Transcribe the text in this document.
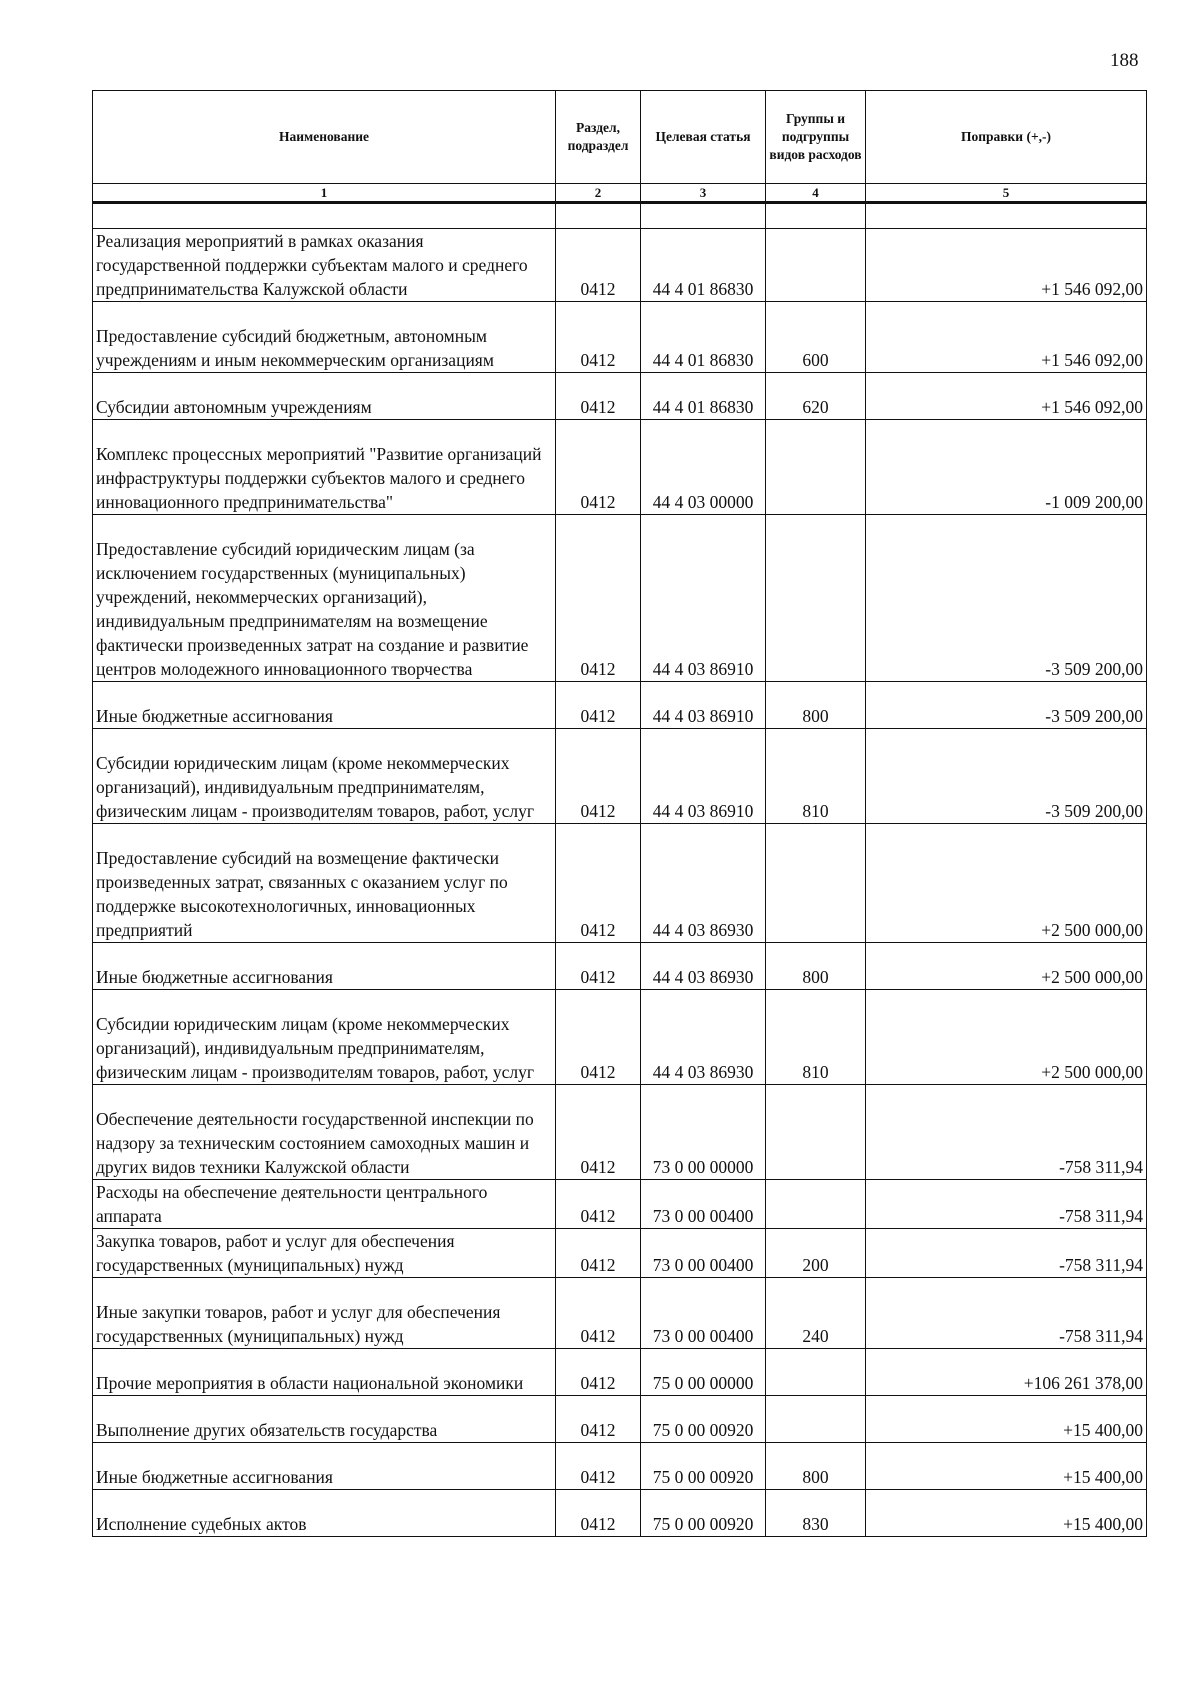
188
Наименование	Раздел, подраздел	Целевая статья	Группы и подгруппы видов расходов	Поправки (+,-)
1	2	3	4	5

Реализация мероприятий в рамках оказания государственной поддержки субъектам малого и среднего предпринимательства Калужской области	0412	44 4 01 86830		+1 546 092,00
Предоставление субсидий бюджетным, автономным учреждениям и иным некоммерческим организациям	0412	44 4 01 86830	600	+1 546 092,00
Субсидии автономным учреждениям	0412	44 4 01 86830	620	+1 546 092,00
Комплекс процессных мероприятий "Развитие организаций инфраструктуры поддержки субъектов малого и среднего инновационного предпринимательства"	0412	44 4 03 00000		-1 009 200,00
Предоставление субсидий юридическим лицам (за исключением государственных (муниципальных) учреждений, некоммерческих организаций), индивидуальным предпринимателям на возмещение фактически произведенных затрат на создание и развитие центров молодежного инновационного творчества	0412	44 4 03 86910		-3 509 200,00
Иные бюджетные ассигнования	0412	44 4 03 86910	800	-3 509 200,00
Субсидии юридическим лицам (кроме некоммерческих организаций), индивидуальным предпринимателям, физическим лицам - производителям товаров, работ, услуг	0412	44 4 03 86910	810	-3 509 200,00
Предоставление субсидий на возмещение фактически произведенных затрат, связанных с оказанием услуг по поддержке высокотехнологичных, инновационных предприятий	0412	44 4 03 86930		+2 500 000,00
Иные бюджетные ассигнования	0412	44 4 03 86930	800	+2 500 000,00
Субсидии юридическим лицам (кроме некоммерческих организаций), индивидуальным предпринимателям, физическим лицам - производителям товаров, работ, услуг	0412	44 4 03 86930	810	+2 500 000,00
Обеспечение деятельности государственной инспекции по надзору за техническим состоянием самоходных машин и других видов техники Калужской области	0412	73 0 00 00000		-758 311,94
Расходы на обеспечение деятельности центрального аппарата	0412	73 0 00 00400		-758 311,94
Закупка товаров, работ и услуг для обеспечения государственных (муниципальных) нужд	0412	73 0 00 00400	200	-758 311,94
Иные закупки товаров, работ и услуг для обеспечения государственных (муниципальных) нужд	0412	73 0 00 00400	240	-758 311,94
Прочие мероприятия в области национальной экономики	0412	75 0 00 00000		+106 261 378,00
Выполнение других обязательств государства	0412	75 0 00 00920		+15 400,00
Иные бюджетные ассигнования	0412	75 0 00 00920	800	+15 400,00
Исполнение судебных актов	0412	75 0 00 00920	830	+15 400,00
